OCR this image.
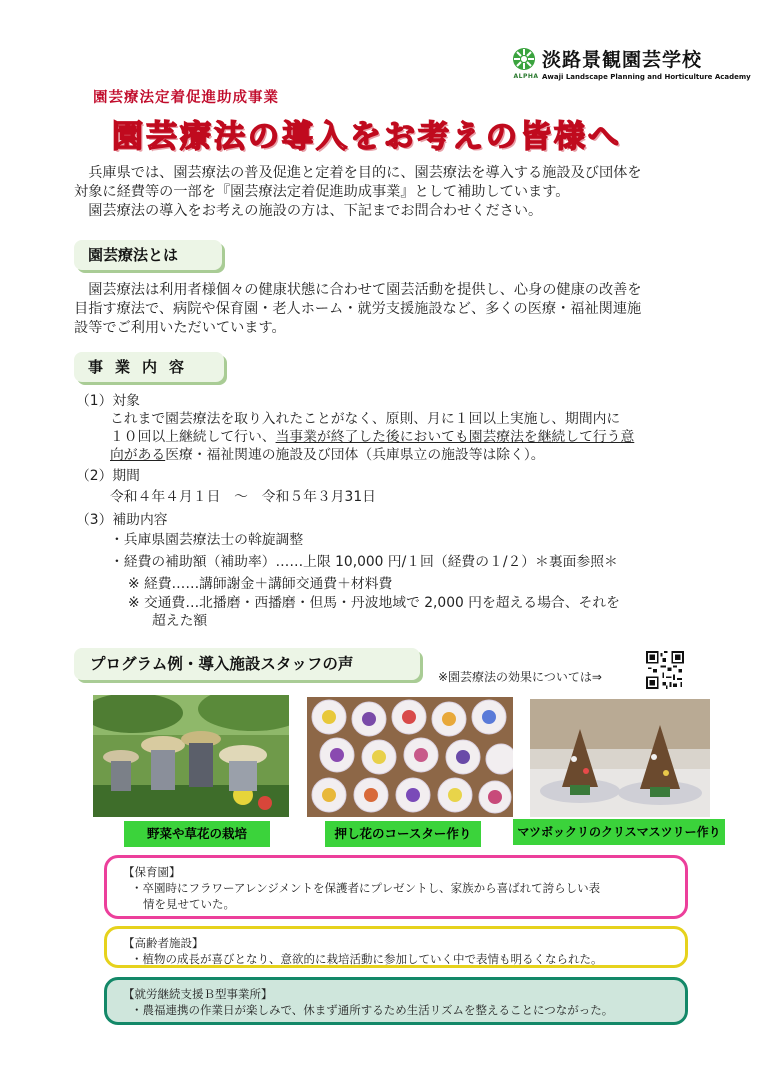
ALPHA
淡路景観園芸学校
Awaji Landscape Planning and Horticulture Academy
園芸療法定着促進助成事業
園芸療法の導入をお考えの皆様へ
　兵庫県では、園芸療法の普及促進と定着を目的に、園芸療法を導入する施設及び団体を
対象に経費等の一部を『園芸療法定着促進助成事業』として補助しています。
　園芸療法の導入をお考えの施設の方は、下記までお問合わせください。
園芸療法とは
　園芸療法は利用者様個々の健康状態に合わせて園芸活動を提供し、心身の健康の改善を
目指す療法で、病院や保育園・老人ホーム・就労支援施設など、多くの医療・福祉関連施
設等でご利用いただいています。
事業内容
（1）対象
これまで園芸療法を取り入れたことがなく、原則、月に１回以上実施し、期間内に
１０回以上継続して行い、当事業が終了した後においても園芸療法を継続して行う意
向がある医療・福祉関連の施設及び団体（兵庫県立の施設等は除く）。
（2）期間
令和４年４月１日　～　令和５年３月31日
（3）補助内容
・兵庫県園芸療法士の斡旋調整
・経費の補助額（補助率）……上限 10,000 円/１回（経費の１/２）＊裏面参照＊
※ 経費……講師謝金＋講師交通費＋材料費
※ 交通費…北播磨・西播磨・但馬・丹波地域で 2,000 円を超える場合、それを
超えた額
プログラム例・導入施設スタッフの声
※園芸療法の効果については⇒
野菜や草花の栽培	押し花のコースター作り	マツボックリのクリスマスツリー作り
【保育園】
・卒園時にフラワーアレンジメントを保護者にプレゼントし、家族から喜ばれて誇らしい表
情を見せていた。
【高齢者施設】
・植物の成長が喜びとなり、意欲的に栽培活動に参加していく中で表情も明るくなられた。
【就労継続支援Ｂ型事業所】
・農福連携の作業日が楽しみで、休まず通所するため生活リズムを整えることにつながった。
